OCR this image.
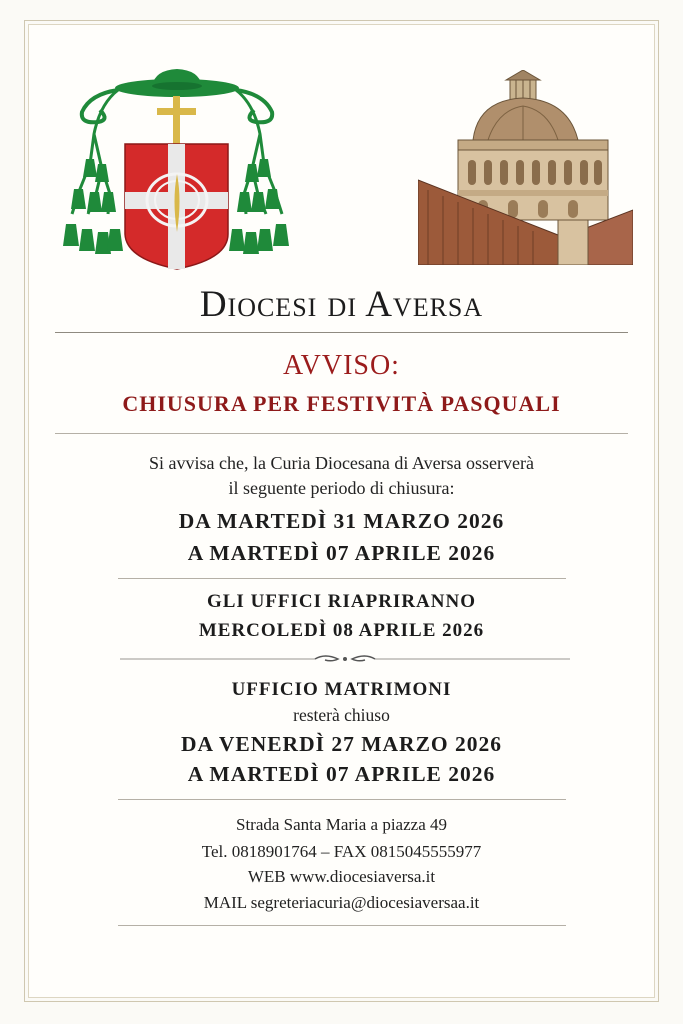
Diocesi di Aversa
AVVISO:
CHIUSURA PER FESTIVITÀ PASQUALI
Si avvisa che, la Curia Diocesana di Aversa osserverà
il seguente periodo di chiusura:
DA MARTEDÌ 31 MARZO 2026
A MARTEDÌ 07 APRILE 2026
GLI UFFICI RIAPRIRANNO
MERCOLEDÌ 08 APRILE 2026
UFFICIO MATRIMONI
resterà chiuso
DA VENERDÌ 27 MARZO 2026
A MARTEDÌ 07 APRILE 2026
Strada Santa Maria a piazza 49
Tel. 0818901764 – FAX 0815045555977
WEB www.diocesiaversa.it
MAIL segreteriacuria@diocesiaversaa.it
